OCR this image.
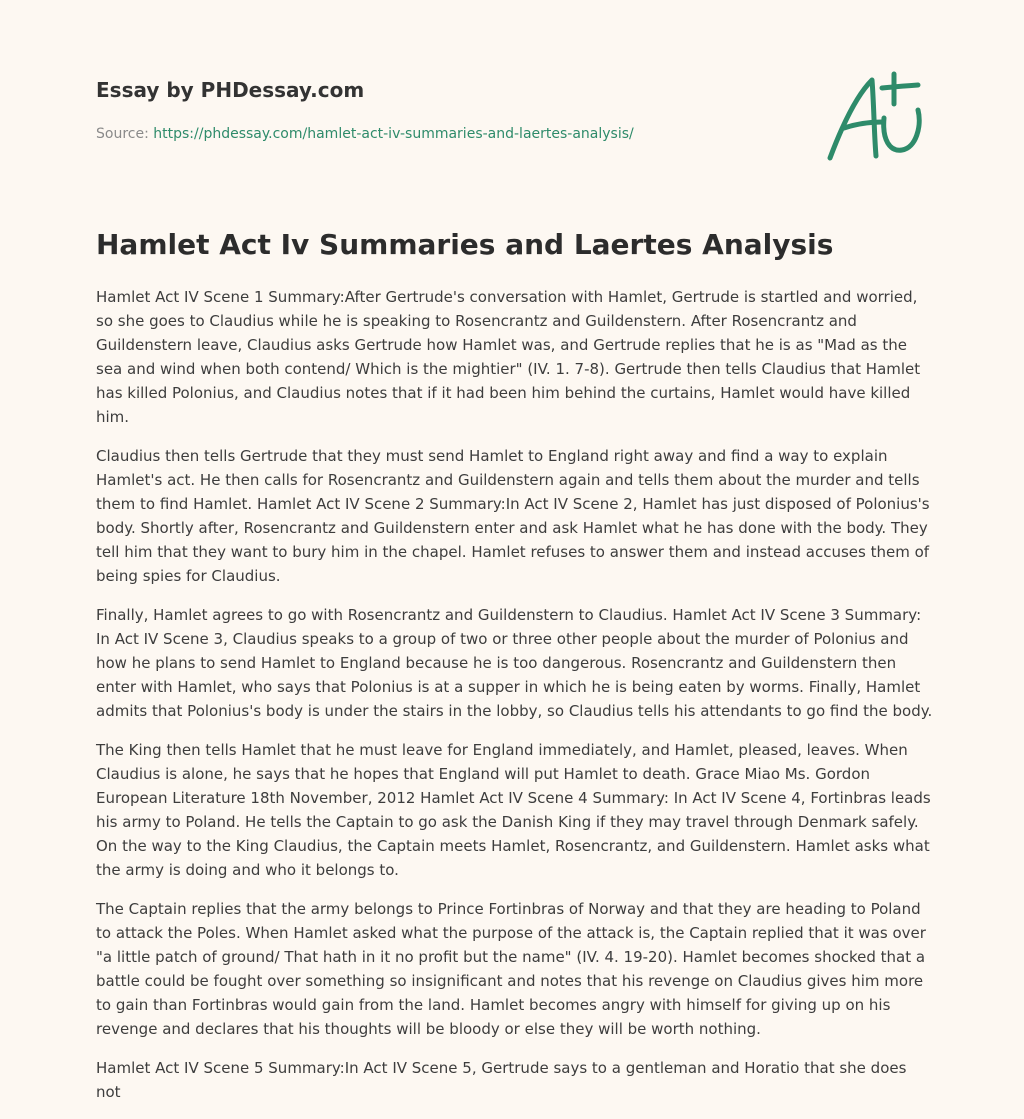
Essay by PHDessay.com
Source: https://phdessay.com/hamlet-act-iv-summaries-and-laertes-analysis/
Hamlet Act Iv Summaries and Laertes Analysis

Hamlet Act IV Scene 1 Summary:After Gertrude's conversation with Hamlet, Gertrude is startled and worried, so she goes to Claudius while he is speaking to Rosencrantz and Guildenstern. After Rosencrantz and Guildenstern leave, Claudius asks Gertrude how Hamlet was, and Gertrude replies that he is as "Mad as the sea and wind when both contend/ Which is the mightier" (IV. 1. 7-8). Gertrude then tells Claudius that Hamlet has killed Polonius, and Claudius notes that if it had been him behind the curtains, Hamlet would have killed him.

Claudius then tells Gertrude that they must send Hamlet to England right away and find a way to explain Hamlet's act. He then calls for Rosencrantz and Guildenstern again and tells them about the murder and tells them to find Hamlet. Hamlet Act IV Scene 2 Summary:In Act IV Scene 2, Hamlet has just disposed of Polonius's body. Shortly after, Rosencrantz and Guildenstern enter and ask Hamlet what he has done with the body. They tell him that they want to bury him in the chapel. Hamlet refuses to answer them and instead accuses them of being spies for Claudius.

Finally, Hamlet agrees to go with Rosencrantz and Guildenstern to Claudius. Hamlet Act IV Scene 3 Summary: In Act IV Scene 3, Claudius speaks to a group of two or three other people about the murder of Polonius and how he plans to send Hamlet to England because he is too dangerous. Rosencrantz and Guildenstern then enter with Hamlet, who says that Polonius is at a supper in which he is being eaten by worms. Finally, Hamlet admits that Polonius's body is under the stairs in the lobby, so Claudius tells his attendants to go find the body.

The King then tells Hamlet that he must leave for England immediately, and Hamlet, pleased, leaves. When Claudius is alone, he says that he hopes that England will put Hamlet to death. Grace Miao Ms. Gordon European Literature 18th November, 2012 Hamlet Act IV Scene 4 Summary: In Act IV Scene 4, Fortinbras leads his army to Poland. He tells the Captain to go ask the Danish King if they may travel through Denmark safely. On the way to the King Claudius, the Captain meets Hamlet, Rosencrantz, and Guildenstern. Hamlet asks what the army is doing and who it belongs to.

The Captain replies that the army belongs to Prince Fortinbras of Norway and that they are heading to Poland to attack the Poles. When Hamlet asked what the purpose of the attack is, the Captain replied that it was over "a little patch of ground/ That hath in it no profit but the name" (IV. 4. 19-20). Hamlet becomes shocked that a battle could be fought over something so insignificant and notes that his revenge on Claudius gives him more to gain than Fortinbras would gain from the land. Hamlet becomes angry with himself for giving up on his revenge and declares that his thoughts will be bloody or else they will be worth nothing.

Hamlet Act IV Scene 5 Summary:In Act IV Scene 5, Gertrude says to a gentleman and Horatio that she does not
